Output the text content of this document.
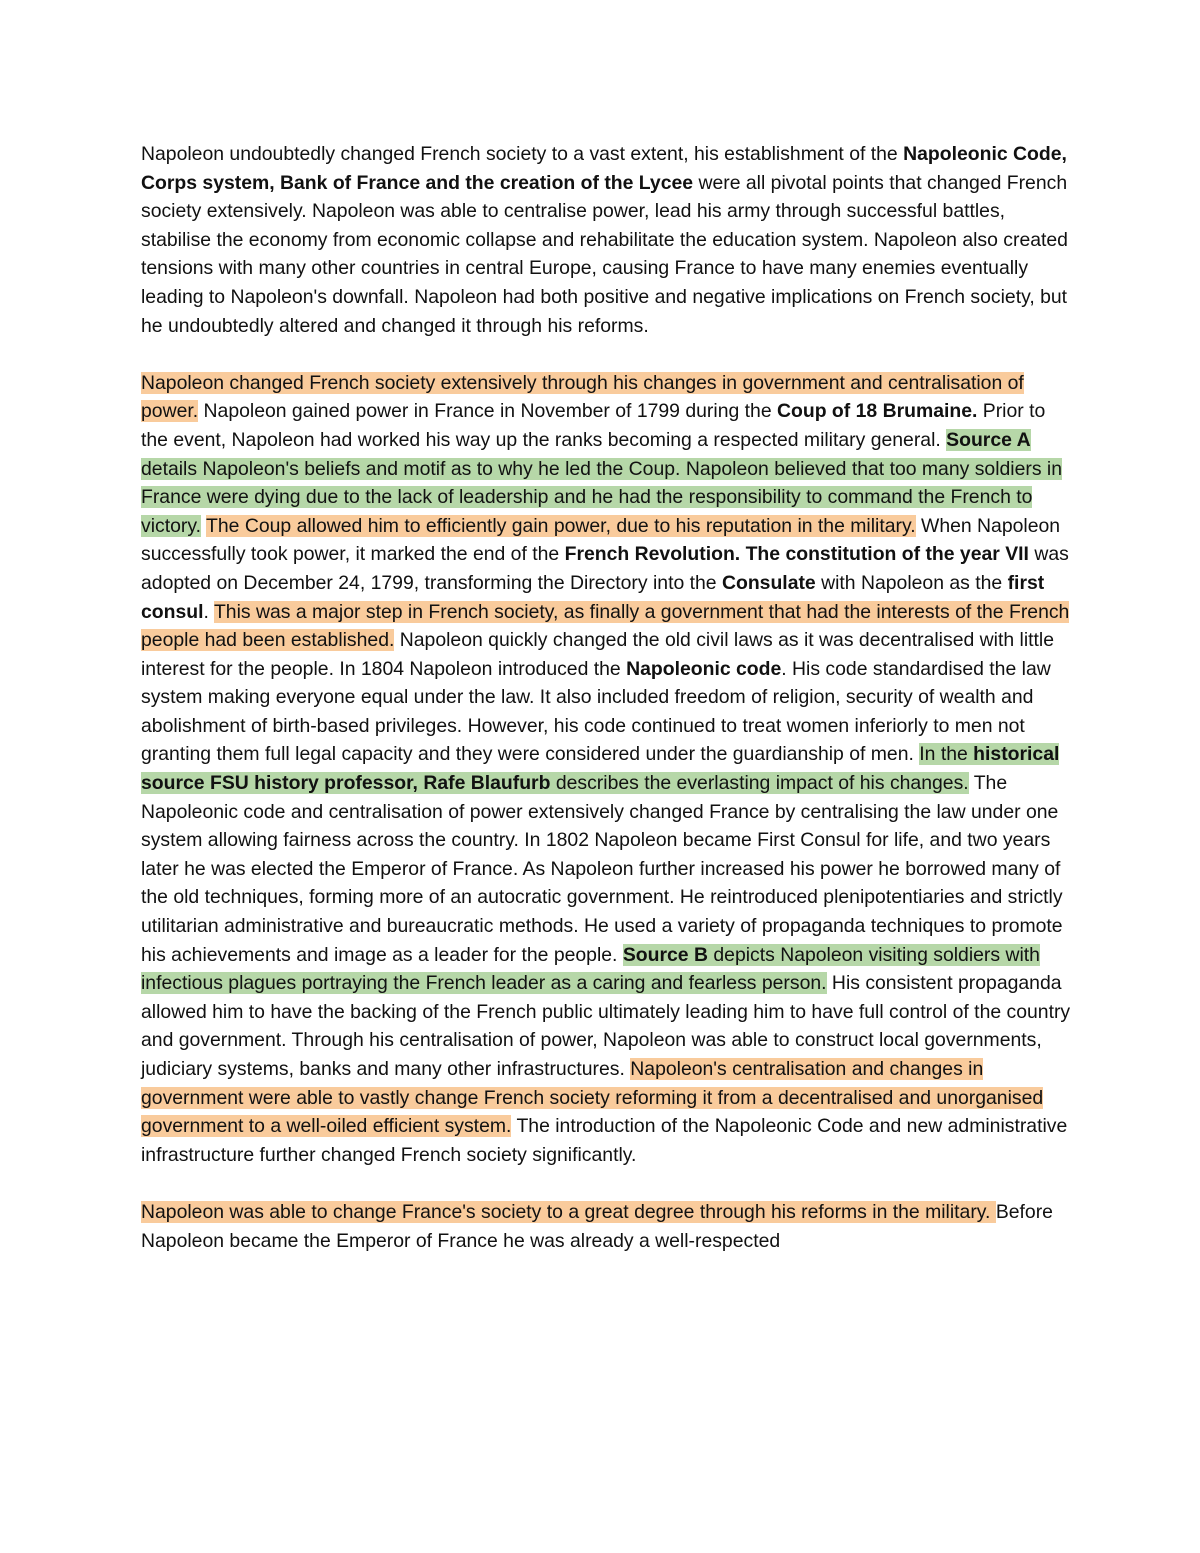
Napoleon undoubtedly changed French society to a vast extent, his establishment of the Napoleonic Code, Corps system, Bank of France and the creation of the Lycee were all pivotal points that changed French society extensively. Napoleon was able to centralise power, lead his army through successful battles, stabilise the economy from economic collapse and rehabilitate the education system. Napoleon also created tensions with many other countries in central Europe, causing France to have many enemies eventually leading to Napoleon's downfall. Napoleon had both positive and negative implications on French society, but he undoubtedly altered and changed it through his reforms.

Napoleon changed French society extensively through his changes in government and centralisation of power. Napoleon gained power in France in November of 1799 during the Coup of 18 Brumaine. Prior to the event, Napoleon had worked his way up the ranks becoming a respected military general. Source A details Napoleon's beliefs and motif as to why he led the Coup. Napoleon believed that too many soldiers in France were dying due to the lack of leadership and he had the responsibility to command the French to victory. The Coup allowed him to efficiently gain power, due to his reputation in the military. When Napoleon successfully took power, it marked the end of the French Revolution. The constitution of the year VII was adopted on December 24, 1799, transforming the Directory into the Consulate with Napoleon as the first consul. This was a major step in French society, as finally a government that had the interests of the French people had been established. Napoleon quickly changed the old civil laws as it was decentralised with little interest for the people. In 1804 Napoleon introduced the Napoleonic code. His code standardised the law system making everyone equal under the law. It also included freedom of religion, security of wealth and abolishment of birth-based privileges. However, his code continued to treat women inferiorly to men not granting them full legal capacity and they were considered under the guardianship of men. In the historical source FSU history professor, Rafe Blaufurb describes the everlasting impact of his changes. The Napoleonic code and centralisation of power extensively changed France by centralising the law under one system allowing fairness across the country. In 1802 Napoleon became First Consul for life, and two years later he was elected the Emperor of France. As Napoleon further increased his power he borrowed many of the old techniques, forming more of an autocratic government. He reintroduced plenipotentiaries and strictly utilitarian administrative and bureaucratic methods. He used a variety of propaganda techniques to promote his achievements and image as a leader for the people. Source B depicts Napoleon visiting soldiers with infectious plagues portraying the French leader as a caring and fearless person. His consistent propaganda allowed him to have the backing of the French public ultimately leading him to have full control of the country and government. Through his centralisation of power, Napoleon was able to construct local governments, judiciary systems, banks and many other infrastructures. Napoleon's centralisation and changes in government were able to vastly change French society reforming it from a decentralised and unorganised government to a well-oiled efficient system. The introduction of the Napoleonic Code and new administrative infrastructure further changed French society significantly.

Napoleon was able to change France's society to a great degree through his reforms in the military. Before Napoleon became the Emperor of France he was already a well-respected
